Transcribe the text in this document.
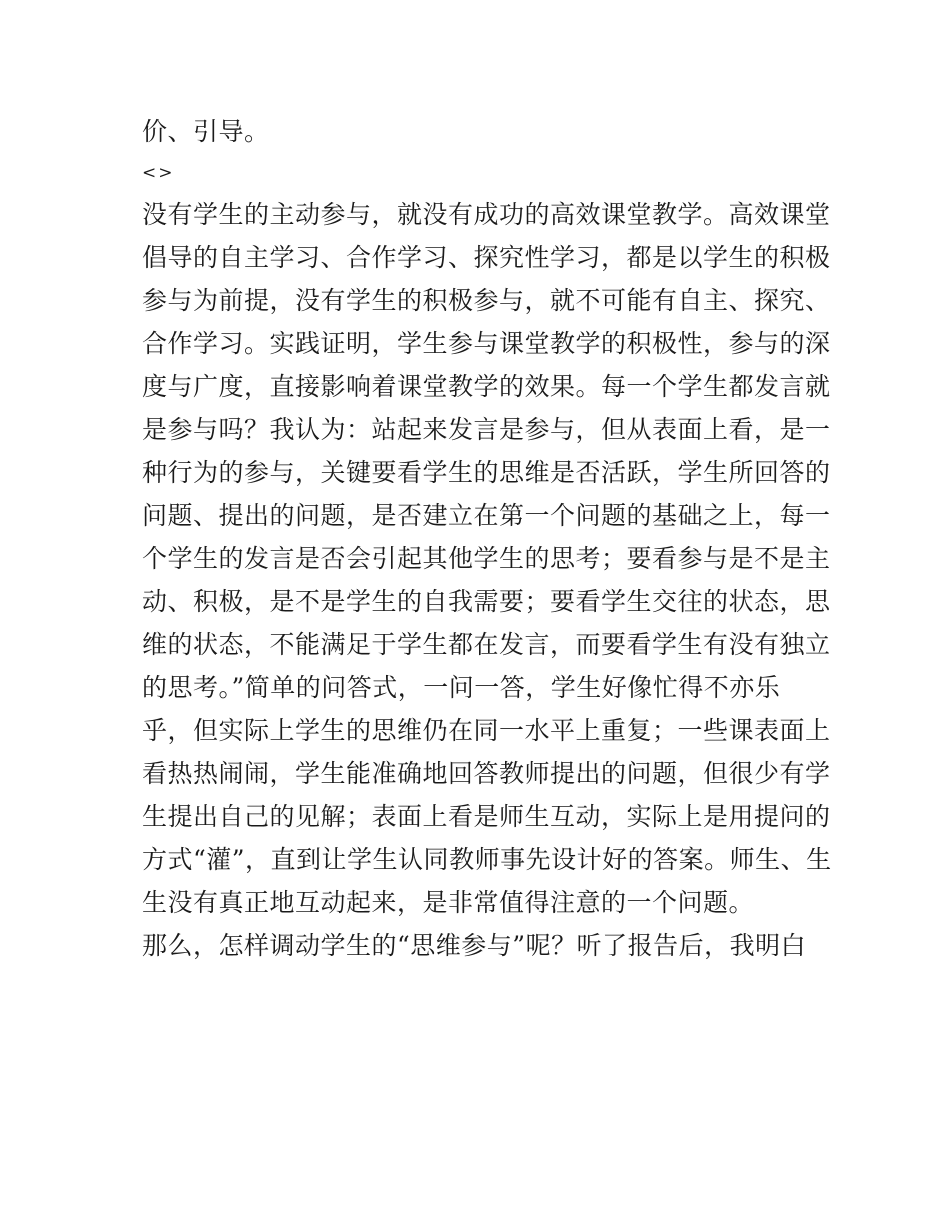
价、引导。
<>
没有学生的主动参与，就没有成功的高效课堂教学。高效课堂
倡导的自主学习、合作学习、探究性学习，都是以学生的积极
参与为前提，没有学生的积极参与，就不可能有自主、探究、
合作学习。实践证明，学生参与课堂教学的积极性，参与的深
度与广度，直接影响着课堂教学的效果。每一个学生都发言就
是参与吗？我认为：站起来发言是参与，但从表面上看，是一
种行为的参与，关键要看学生的思维是否活跃，学生所回答的
问题、提出的问题，是否建立在第一个问题的基础之上，每一
个学生的发言是否会引起其他学生的思考；要看参与是不是主
动、积极，是不是学生的自我需要；要看学生交往的状态，思
维的状态，不能满足于学生都在发言，而要看学生有没有独立
的思考。”简单的问答式，一问一答，学生好像忙得不亦乐
乎，但实际上学生的思维仍在同一水平上重复；一些课表面上
看热热闹闹，学生能准确地回答教师提出的问题，但很少有学
生提出自己的见解；表面上看是师生互动，实际上是用提问的
方式“灌”，直到让学生认同教师事先设计好的答案。师生、生
生没有真正地互动起来，是非常值得注意的一个问题。
那么，怎样调动学生的“思维参与”呢？听了报告后，我明白
